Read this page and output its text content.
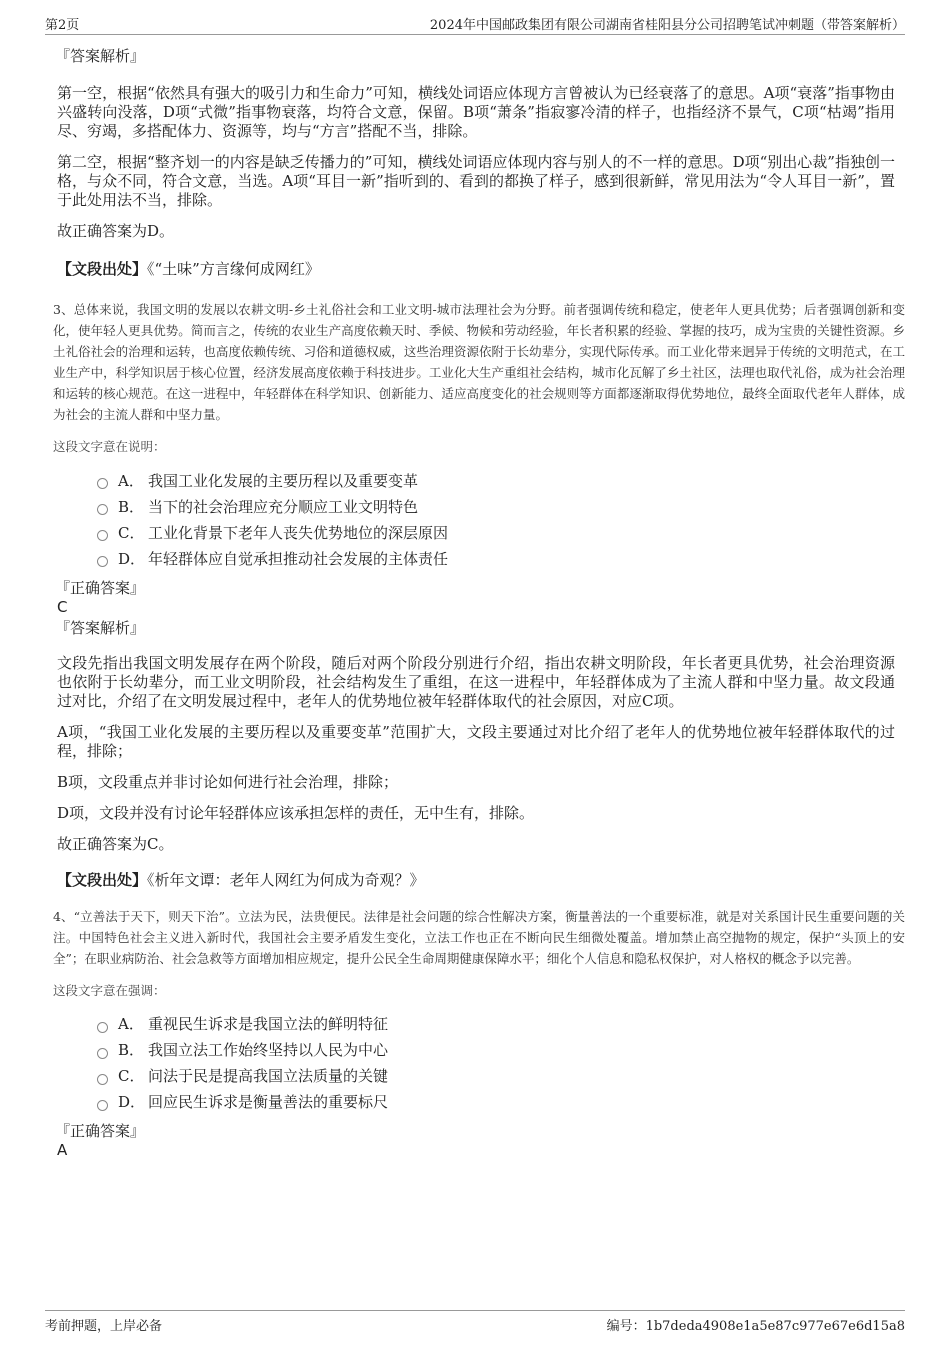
第2页	2024年中国邮政集团有限公司湖南省桂阳县分公司招聘笔试冲刺题（带答案解析）
『答案解析』

第一空，根据“依然具有强大的吸引力和生命力”可知，横线处词语应体现方言曾被认为已经衰落了的意思。A项“衰落”指事物由兴盛转向没落，D项“式微”指事物衰落，均符合文意，保留。B项“萧条”指寂寥冷清的样子，也指经济不景气，C项“枯竭”指用尽、穷竭，多搭配体力、资源等，均与“方言”搭配不当，排除。

第二空，根据“整齐划一的内容是缺乏传播力的”可知，横线处词语应体现内容与别人的不一样的意思。D项“别出心裁”指独创一格，与众不同，符合文意，当选。A项“耳目一新”指听到的、看到的都换了样子，感到很新鲜，常见用法为“令人耳目一新”，置于此处用法不当，排除。

故正确答案为D。

【文段出处】《“土味”方言缘何成网红》

3、总体来说，我国文明的发展以农耕文明-乡土礼俗社会和工业文明-城市法理社会为分野。前者强调传统和稳定，使老年人更具优势；后者强调创新和变化，使年轻人更具优势。简而言之，传统的农业生产高度依赖天时、季候、物候和劳动经验，年长者积累的经验、掌握的技巧，成为宝贵的关键性资源。乡土礼俗社会的治理和运转，也高度依赖传统、习俗和道德权威，这些治理资源依附于长幼辈分，实现代际传承。而工业化带来迥异于传统的文明范式，在工业生产中，科学知识居于核心位置，经济发展高度依赖于科技进步。工业化大生产重组社会结构，城市化瓦解了乡土社区，法理也取代礼俗，成为社会治理和运转的核心规范。在这一进程中，年轻群体在科学知识、创新能力、适应高度变化的社会规则等方面都逐渐取得优势地位，最终全面取代老年人群体，成为社会的主流人群和中坚力量。

这段文字意在说明：

A． 我国工业化发展的主要历程以及重要变革
B． 当下的社会治理应充分顺应工业文明特色
C． 工业化背景下老年人丧失优势地位的深层原因
D． 年轻群体应自觉承担推动社会发展的主体责任
『正确答案』
C
『答案解析』

文段先指出我国文明发展存在两个阶段，随后对两个阶段分别进行介绍，指出农耕文明阶段，年长者更具优势，社会治理资源也依附于长幼辈分，而工业文明阶段，社会结构发生了重组，在这一进程中，年轻群体成为了主流人群和中坚力量。故文段通过对比，介绍了在文明发展过程中，老年人的优势地位被年轻群体取代的社会原因，对应C项。

A项，“我国工业化发展的主要历程以及重要变革”范围扩大，文段主要通过对比介绍了老年人的优势地位被年轻群体取代的过程，排除；

B项，文段重点并非讨论如何进行社会治理，排除；

D项，文段并没有讨论年轻群体应该承担怎样的责任，无中生有，排除。

故正确答案为C。

【文段出处】《析年文谭：老年人网红为何成为奇观？》

4、“立善法于天下，则天下治”。立法为民，法贵便民。法律是社会问题的综合性解决方案，衡量善法的一个重要标准，就是对关系国计民生重要问题的关注。中国特色社会主义进入新时代，我国社会主要矛盾发生变化，立法工作也正在不断向民生细微处覆盖。增加禁止高空抛物的规定，保护“头顶上的安全”；在职业病防治、社会急救等方面增加相应规定，提升公民全生命周期健康保障水平；细化个人信息和隐私权保护，对人格权的概念予以完善。

这段文字意在强调：

A． 重视民生诉求是我国立法的鲜明特征
B． 我国立法工作始终坚持以人民为中心
C． 问法于民是提高我国立法质量的关键
D． 回应民生诉求是衡量善法的重要标尺
『正确答案』
A
考前押题，上岸必备	编号：1b7deda4908e1a5e87c977e67e6d15a8
